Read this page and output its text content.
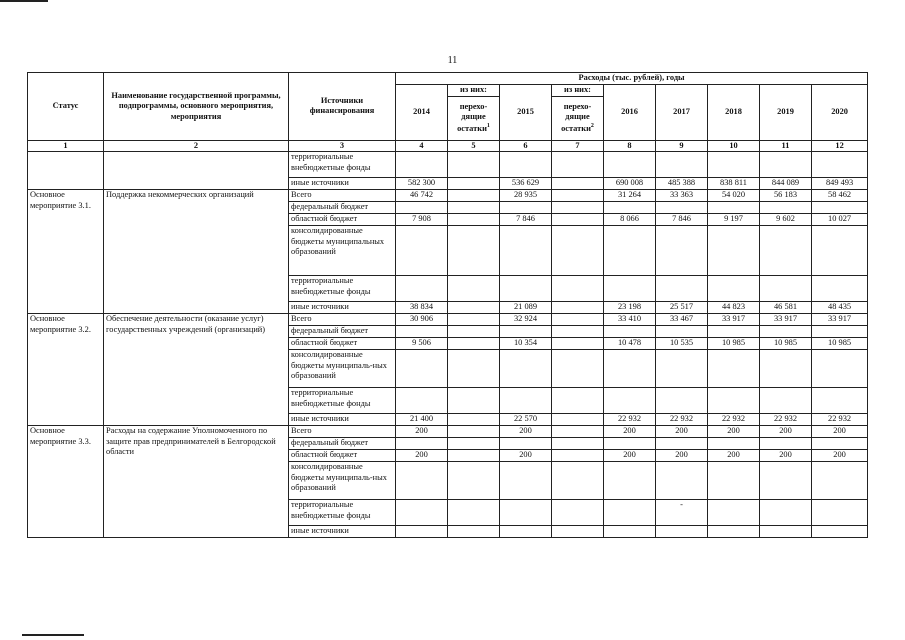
11
Статус	Наименование государственной программы, подпрограммы, основного мероприятия, мероприятия	Источники финансирования	Расходы (тыс. рублей), годы								
			2014	из них:	2015	из них:	2016	2017	2018	2019	2020
				перехо-дящие остатки$^1$		перехо-дящие остатки$^2$
1	2	3	4	5	6	7	8	9	10	11	12
		территориальные внебюджетные фонды									
		иные источники	582 300		536 629		690 008	485 388	838 811	844 089	849 493
Основное мероприятие 3.1.	Поддержка некоммерческих организаций	Всего	46 742		28 935		31 264	33 363	54 020	56 183	58 462
		федеральный бюджет									
		областной бюджет	7 908		7 846		8 066	7 846	9 197	9 602	10 027
		консолидированные бюджеты муниципальных образований									
		территориальные внебюджетные фонды									
		иные источники	38 834		21 089		23 198	25 517	44 823	46 581	48 435
Основное мероприятие 3.2.	Обеспечение деятельности (оказание услуг) государственных учреждений (организаций)	Всего	30 906		32 924		33 410	33 467	33 917	33 917	33 917
		федеральный бюджет									
		областной бюджет	9 506		10 354		10 478	10 535	10 985	10 985	10 985
		консолидированные бюджеты муниципаль-ных образований									
		территориальные внебюджетные фонды									
		иные источники	21 400		22 570		22 932	22 932	22 932	22 932	22 932
Основное мероприятие 3.3.	Расходы на содержание Уполномоченного по защите прав предпринимателей в Белгородской области	Всего	200		200		200	200	200	200	200
		федеральный бюджет									
		областной бюджет	200		200		200	200	200	200	200
		консолидированные бюджеты муниципаль-ных образований									
		территориальные внебюджетные фонды						-			
		иные источники									
